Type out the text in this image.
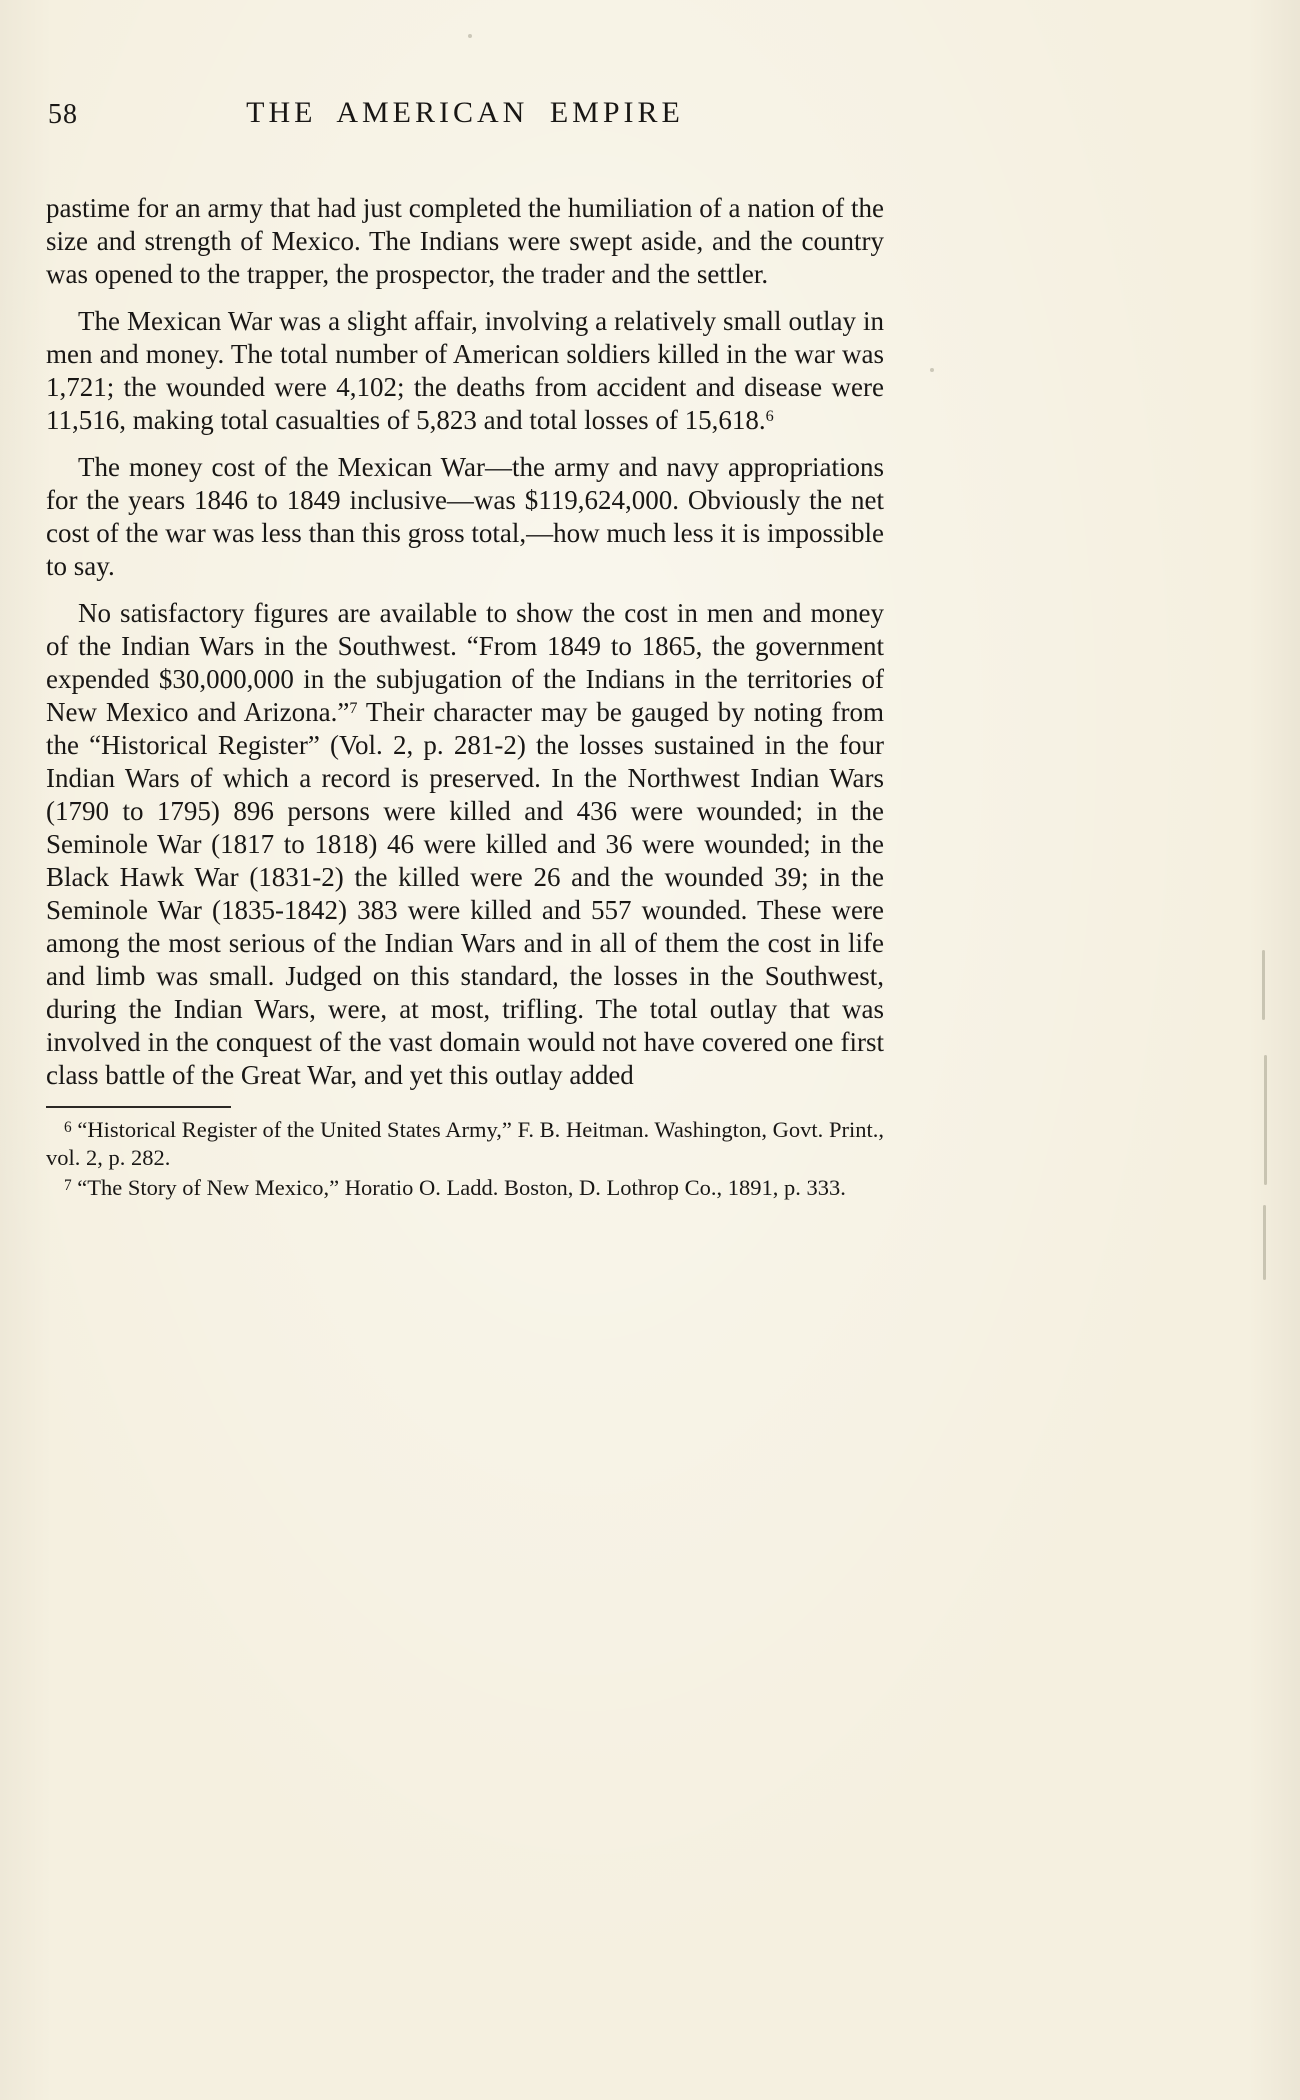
58	THE AMERICAN EMPIRE

pastime for an army that had just completed the humiliation of a nation of the size and strength of Mexico. The Indians were swept aside, and the country was opened to the trapper, the prospector, the trader and the settler.

The Mexican War was a slight affair, involving a relatively small outlay in men and money. The total number of American soldiers killed in the war was 1,721; the wounded were 4,102; the deaths from accident and disease were 11,516, making total casualties of 5,823 and total losses of 15,618.$^6$

The money cost of the Mexican War—the army and navy appropriations for the years 1846 to 1849 inclusive—was $119,624,000. Obviously the net cost of the war was less than this gross total,—how much less it is impossible to say.

No satisfactory figures are available to show the cost in men and money of the Indian Wars in the Southwest. “From 1849 to 1865, the government expended $30,000,000 in the subjugation of the Indians in the territories of New Mexico and Arizona.”$^7$ Their character may be gauged by noting from the “Historical Register” (Vol. 2, p. 281-2) the losses sustained in the four Indian Wars of which a record is preserved. In the Northwest Indian Wars (1790 to 1795) 896 persons were killed and 436 were wounded; in the Seminole War (1817 to 1818) 46 were killed and 36 were wounded; in the Black Hawk War (1831-2) the killed were 26 and the wounded 39; in the Seminole War (1835-1842) 383 were killed and 557 wounded. These were among the most serious of the Indian Wars and in all of them the cost in life and limb was small. Judged on this standard, the losses in the Southwest, during the Indian Wars, were, at most, trifling. The total outlay that was involved in the conquest of the vast domain would not have covered one first class battle of the Great War, and yet this outlay added

$^6$ “Historical Register of the United States Army,” F. B. Heitman. Washington, Govt. Print., vol. 2, p. 282.

$^7$ “The Story of New Mexico,” Horatio O. Ladd. Boston, D. Lothrop Co., 1891, p. 333.
